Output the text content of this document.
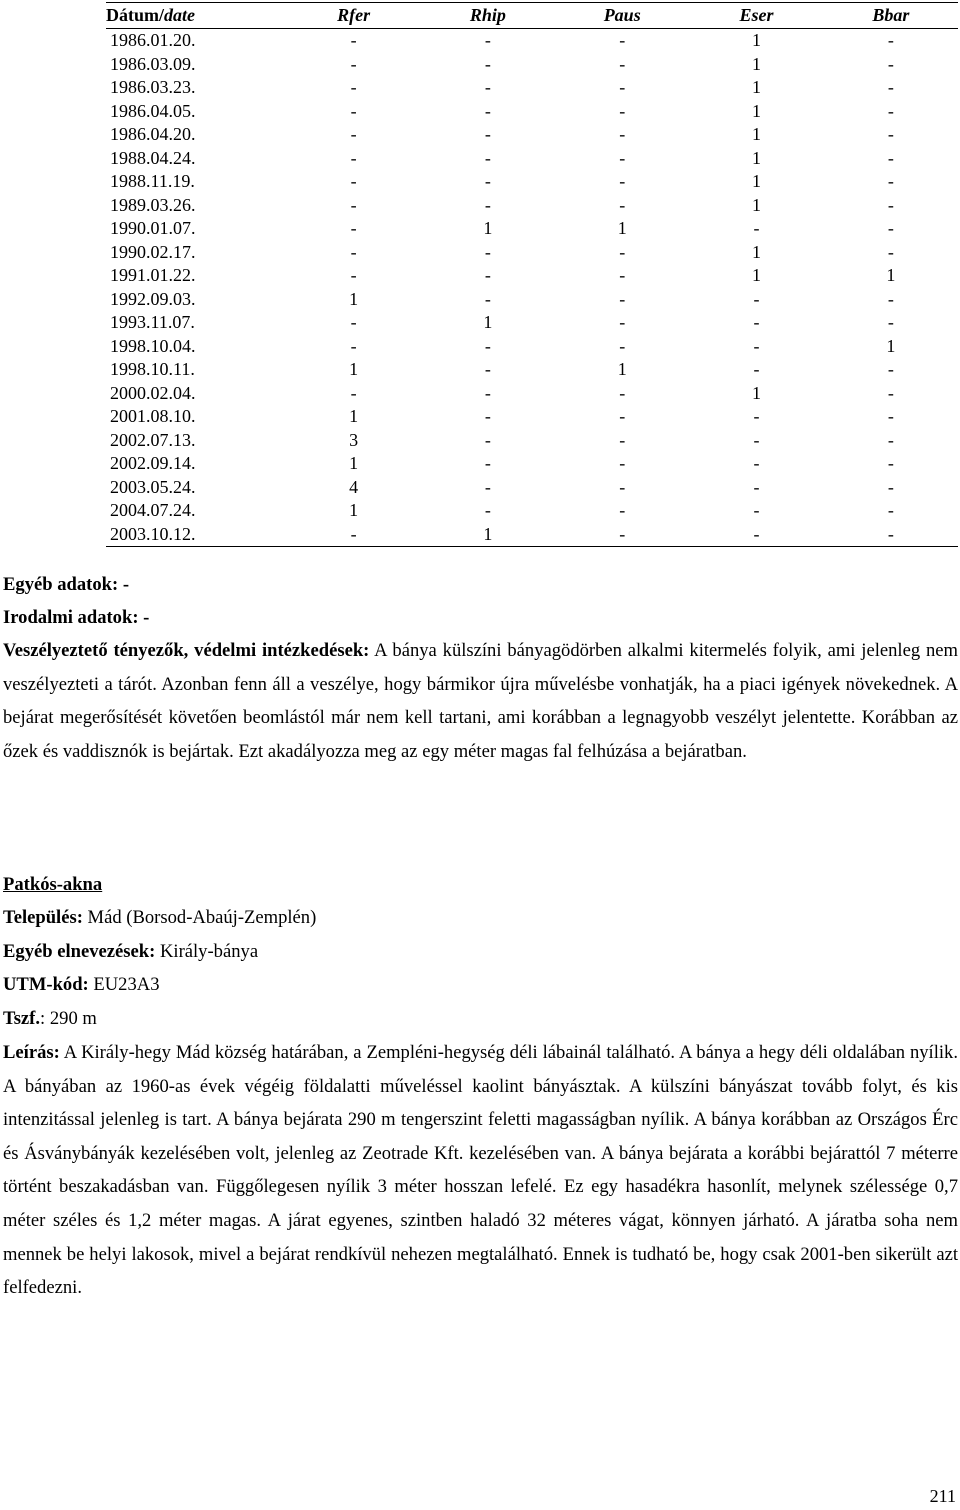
Dátum/date	Rfer	Rhip	Paus	Eser	Bbar
1986.01.20.	-	-	-	1	-
1986.03.09.	-	-	-	1	-
1986.03.23.	-	-	-	1	-
1986.04.05.	-	-	-	1	-
1986.04.20.	-	-	-	1	-
1988.04.24.	-	-	-	1	-
1988.11.19.	-	-	-	1	-
1989.03.26.	-	-	-	1	-
1990.01.07.	-	1	1	-	-
1990.02.17.	-	-	-	1	-
1991.01.22.	-	-	-	1	1
1992.09.03.	1	-	-	-	-
1993.11.07.	-	1	-	-	-
1998.10.04.	-	-	-	-	1
1998.10.11.	1	-	1	-	-
2000.02.04.	-	-	-	1	-
2001.08.10.	1	-	-	-	-
2002.07.13.	3	-	-	-	-
2002.09.14.	1	-	-	-	-
2003.05.24.	4	-	-	-	-
2004.07.24.	1	-	-	-	-
2003.10.12.	-	1	-	-	-

Egyéb adatok: -

Irodalmi adatok: -

Veszélyeztető tényezők, védelmi intézkedések: A bánya külszíni bányagödörben alkalmi kitermelés folyik, ami jelenleg nem veszélyezteti a tárót. Azonban fenn áll a veszélye, hogy bármikor újra művelésbe vonhatják, ha a piaci igények növekednek. A bejárat megerősítését követően beomlástól már nem kell tartani, ami korábban a legnagyobb veszélyt jelentette. Korábban az őzek és vaddisznók is bejártak. Ezt akadályozza meg az egy méter magas fal felhúzása a bejáratban.

Patkós-akna

Település: Mád (Borsod-Abaúj-Zemplén)

Egyéb elnevezések: Király-bánya

UTM-kód: EU23A3

Tszf.: 290 m

Leírás: A Király-hegy Mád község határában, a Zempléni-hegység déli lábainál található. A bánya a hegy déli oldalában nyílik. A bányában az 1960-as évek végéig földalatti műveléssel kaolint bányásztak. A külszíni bányászat tovább folyt, és kis intenzitással jelenleg is tart. A bánya bejárata 290 m tengerszint feletti magasságban nyílik. A bánya korábban az Országos Érc és Ásványbányák kezelésében volt, jelenleg az Zeotrade Kft. kezelésében van. A bánya bejárata a korábbi bejárattól 7 méterre történt beszakadásban van. Függőlegesen nyílik 3 méter hosszan lefelé. Ez egy hasadékra hasonlít, melynek szélessége 0,7 méter széles és 1,2 méter magas. A járat egyenes, szintben haladó 32 méteres vágat, könnyen járható. A járatba soha nem mennek be helyi lakosok, mivel a bejárat rendkívül nehezen megtalálható. Ennek is tudható be, hogy csak 2001-ben sikerült azt felfedezni.

211
